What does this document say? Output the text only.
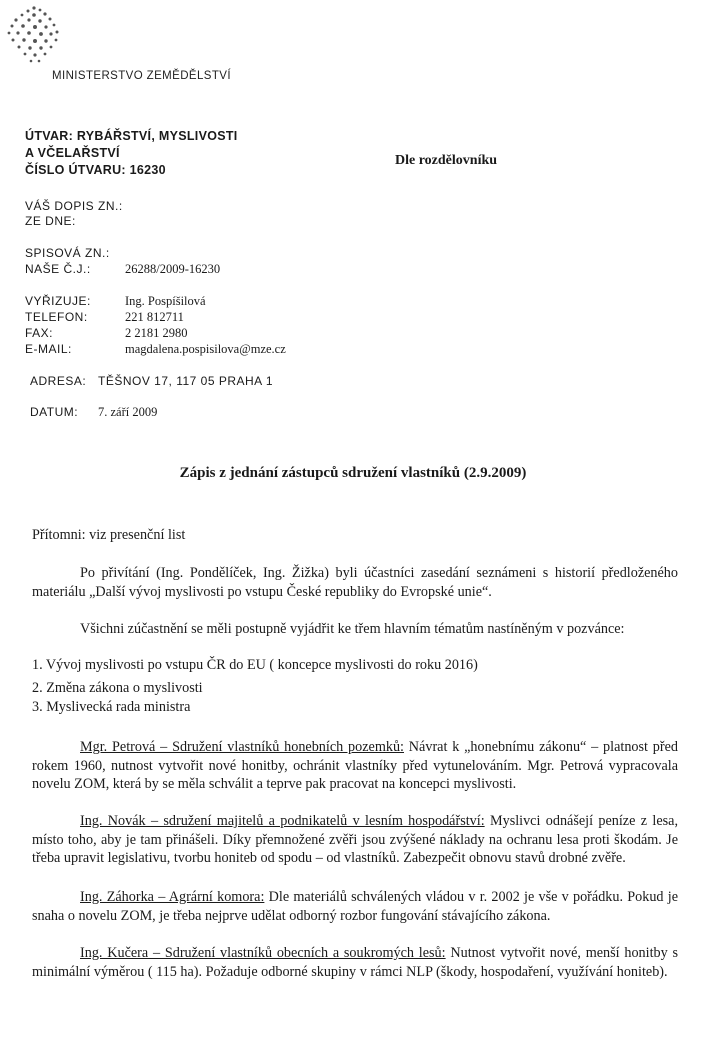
MINISTERSTVO ZEMĚDĚLSTVÍ
ÚTVAR: RYBÁŘSTVÍ, MYSLIVOSTI
A VČELAŘSTVÍ
ČÍSLO ÚTVARU: 16230
Dle rozdělovníku
VÁŠ DOPIS ZN.:
ZE DNE:
SPISOVÁ ZN.:
NAŠE Č.J.:	26288/2009-16230
VYŘIZUJE:	Ing. Pospíšilová
TELEFON:	221 812711
FAX:	2 2181 2980
E-MAIL:	magdalena.pospisilova@mze.cz
ADRESA: TĚŠNOV 17, 117 05 PRAHA 1
DATUM: 7. září 2009
Zápis z jednání zástupců sdružení vlastníků (2.9.2009)
Přítomni: viz presenční list
Po přivítání (Ing. Pondělíček, Ing. Žižka) byli účastníci zasedání seznámeni s historií předloženého materiálu „Další vývoj myslivosti po vstupu České republiky do Evropské unie“.
Všichni zúčastnění se měli postupně vyjádřit ke třem hlavním tématům nastíněným v pozvánce:
1. Vývoj myslivosti po vstupu ČR do EU ( koncepce myslivosti do roku 2016)
2. Změna zákona o myslivosti
3. Myslivecká rada ministra
Mgr. Petrová – Sdružení vlastníků honebních pozemků: Návrat k „honebnímu zákonu“ – platnost před rokem 1960, nutnost vytvořit nové honitby, ochránit vlastníky před vytunelováním. Mgr. Petrová vypracovala novelu ZOM, která by se měla schválit a teprve pak pracovat na koncepci myslivosti.
Ing. Novák – sdružení majitelů a podnikatelů v lesním hospodářství: Myslivci odnášejí peníze z lesa, místo toho, aby je tam přinášeli. Díky přemnožené zvěři jsou zvýšené náklady na ochranu lesa proti škodám. Je třeba upravit legislativu, tvorbu honiteb od spodu – od vlastníků. Zabezpečit obnovu stavů drobné zvěře.
Ing. Záhorka – Agrární komora: Dle materiálů schválených vládou v r. 2002 je vše v pořádku. Pokud je snaha o novelu ZOM, je třeba nejprve udělat odborný rozbor fungování stávajícího zákona.
Ing. Kučera – Sdružení vlastníků obecních a soukromých lesů: Nutnost vytvořit nové, menší honitby s minimální výměrou ( 115 ha). Požaduje odborné skupiny v rámci NLP (škody, hospodaření, využívání honiteb).
